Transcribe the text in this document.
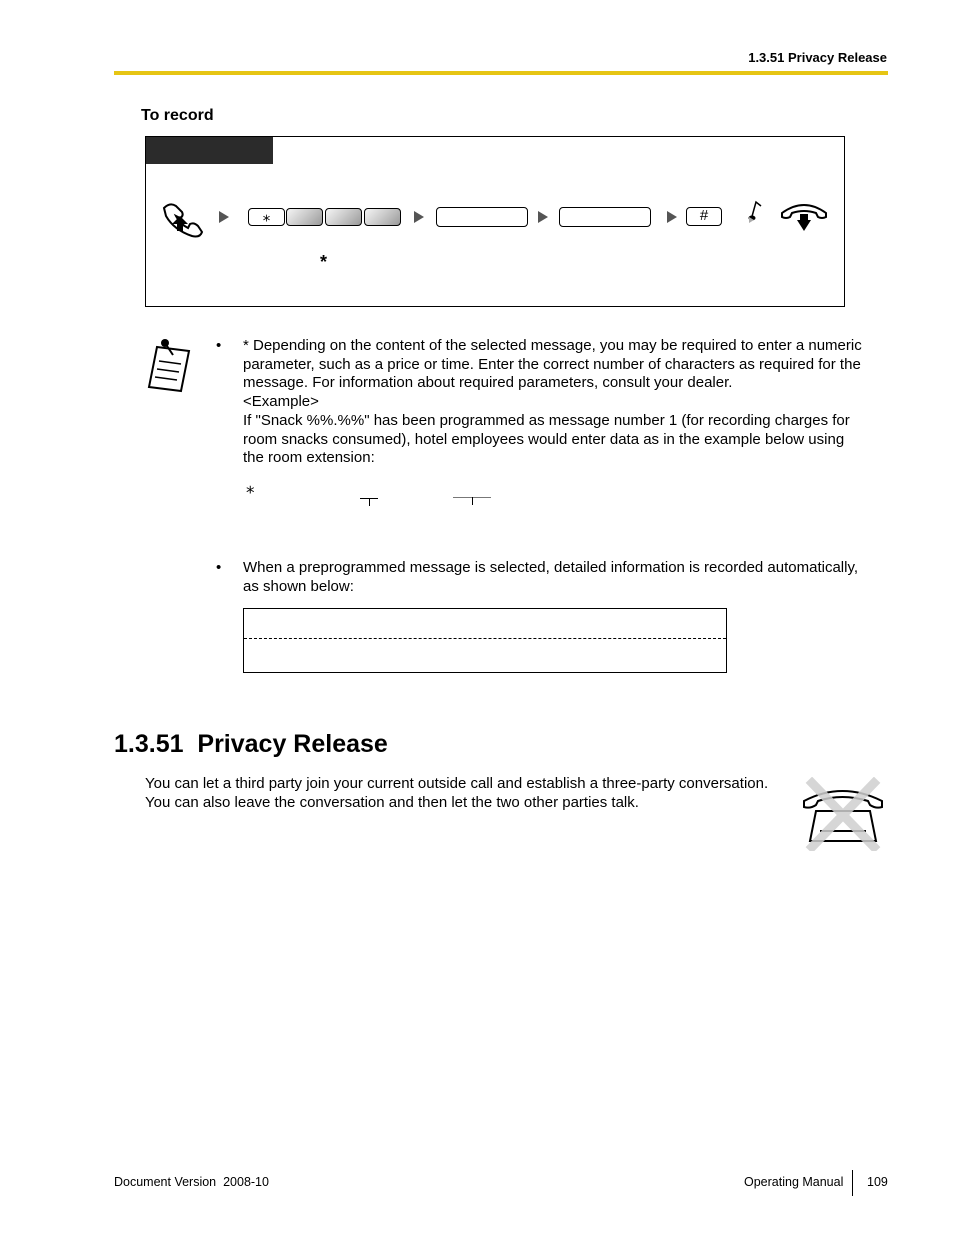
1.3.51 Privacy Release
To record
⁎	#
*
• * Depending on the content of the selected message, you may be required to enter a numeric
parameter, such as a price or time. Enter the correct number of characters as required for the
message. For information about required parameters, consult your dealer.
<Example>
If "Snack %%.%%" has been programmed as message number 1 (for recording charges for
room snacks consumed), hotel employees would enter data as in the example below using
the room extension:
⁎
• When a preprogrammed message is selected, detailed information is recorded automatically,
as shown below:
1.3.51  Privacy Release
You can let a third party join your current outside call and establish a three-party conversation.
You can also leave the conversation and then let the two other parties talk.
Document Version  2008-10	Operating Manual 109
